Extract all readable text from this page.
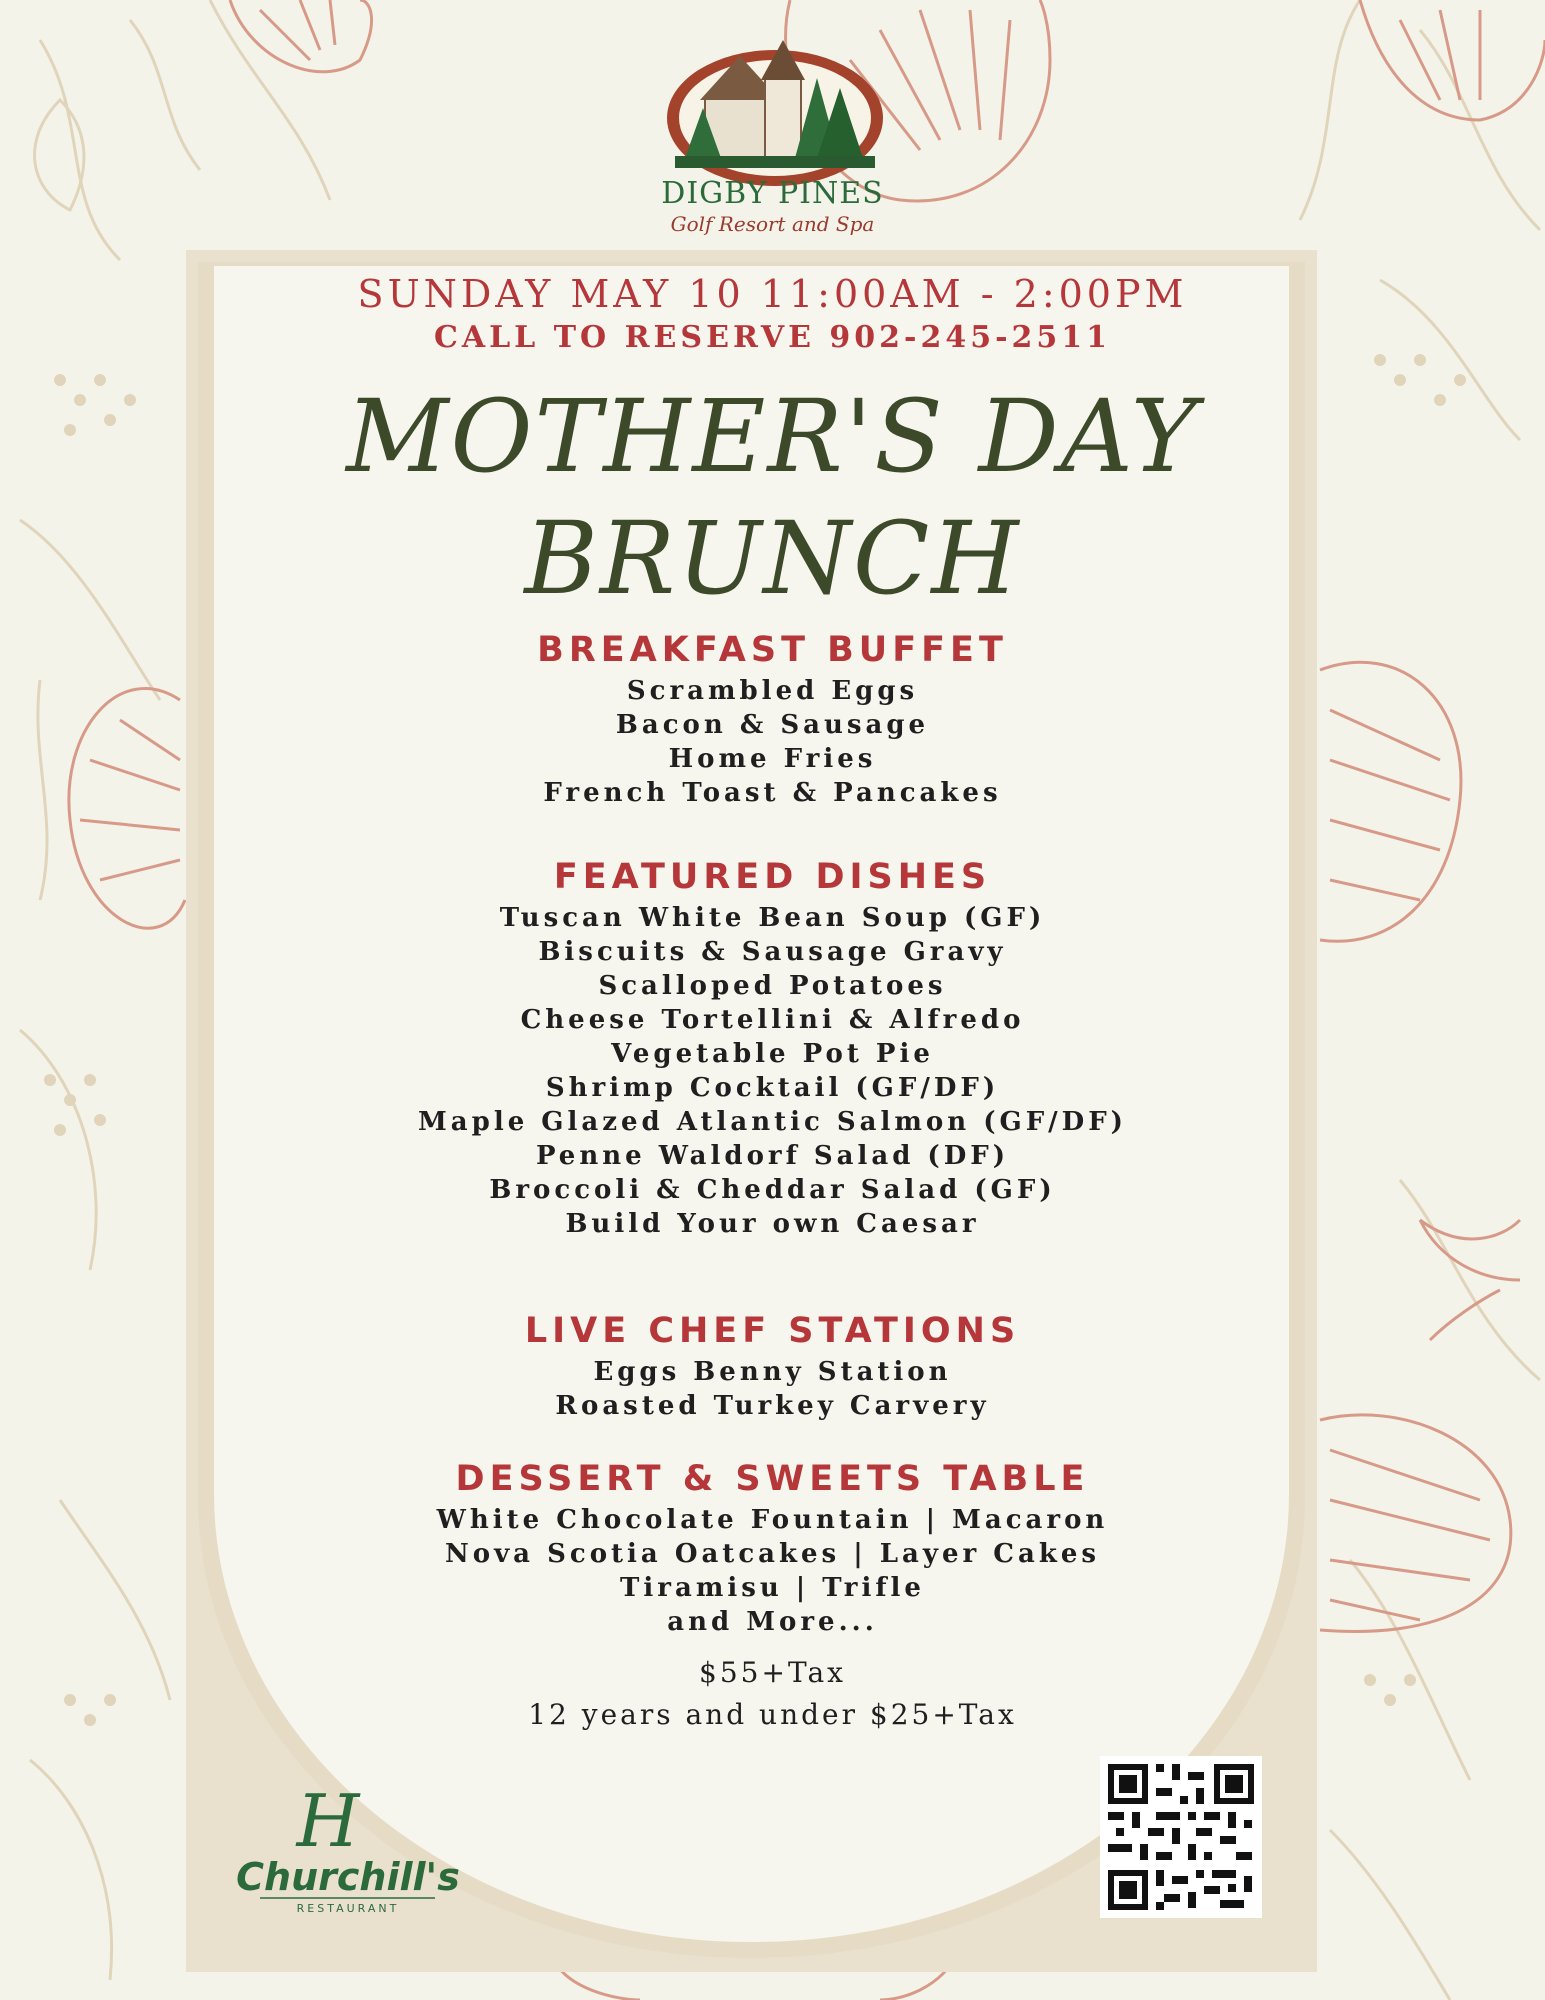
DIGBY PINES
Golf Resort and Spa
SUNDAY MAY 10 11:00AM - 2:00PM
CALL TO RESERVE 902-245-2511
MOTHER'S DAY
BRUNCH
BREAKFAST BUFFET
Scrambled Eggs
Bacon & Sausage
Home Fries
French Toast & Pancakes
FEATURED DISHES
Tuscan White Bean Soup (GF)
Biscuits & Sausage Gravy
Scalloped Potatoes
Cheese Tortellini & Alfredo
Vegetable Pot Pie
Shrimp Cocktail (GF/DF)
Maple Glazed Atlantic Salmon (GF/DF)
Penne Waldorf Salad (DF)
Broccoli & Cheddar Salad (GF)
Build Your own Caesar
LIVE CHEF STATIONS
Eggs Benny Station
Roasted Turkey Carvery
DESSERT & SWEETS TABLE
White Chocolate Fountain | Macaron
Nova Scotia Oatcakes | Layer Cakes
Tiramisu | Trifle
and More...
$55+Tax
12 years and under $25+Tax
H
Churchill's
RESTAURANT
